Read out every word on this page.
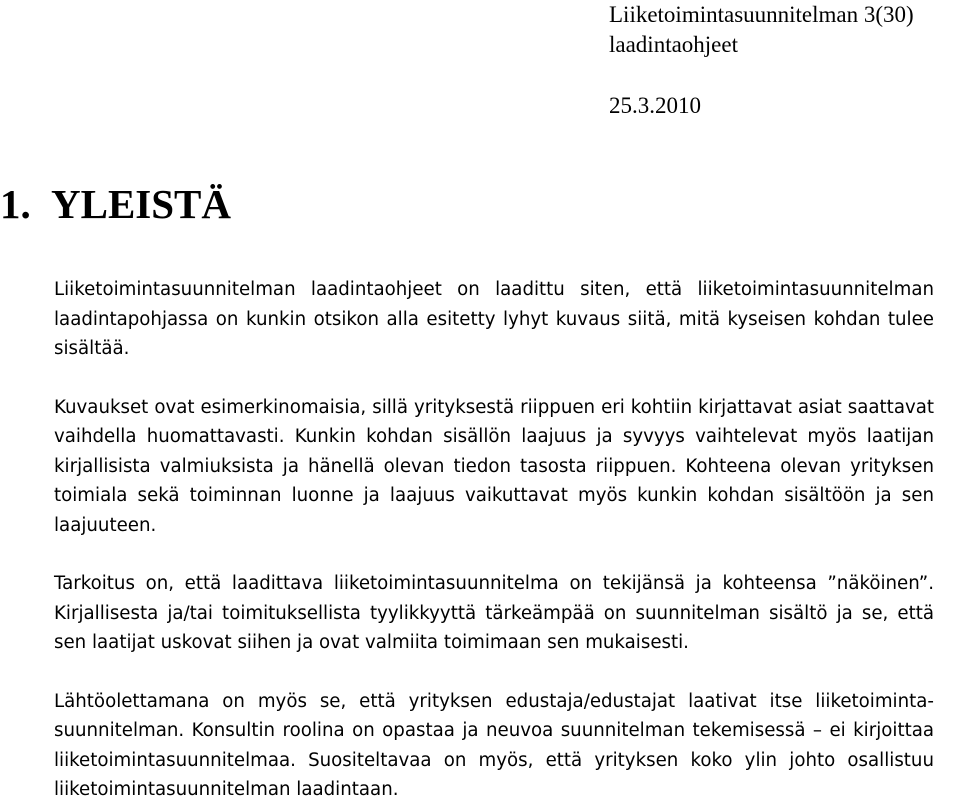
Liiketoimintasuunnitelman 3(30)
laadintaohjeet
25.3.2010
1. YLEISTÄ

Liiketoimintasuunnitelman laadintaohjeet on laadittu siten, että liiketoimintasuunnitelman laadintapohjassa on kunkin otsikon alla esitetty lyhyt kuvaus siitä, mitä kyseisen kohdan tulee sisältää.

Kuvaukset ovat esimerkinomaisia, sillä yrityksestä riippuen eri kohtiin kirjattavat asiat saattavat vaihdella huomattavasti. Kunkin kohdan sisällön laajuus ja syvyys vaihtelevat myös laatijan kirjallisista valmiuksista ja hänellä olevan tiedon tasosta riippuen. Kohteena olevan yrityksen toimiala sekä toiminnan luonne ja laajuus vaikuttavat myös kunkin kohdan sisältöön ja sen laajuuteen.

Tarkoitus on, että laadittava liiketoimintasuunnitelma on tekijänsä ja kohteensa ”näköinen”. Kirjallisesta ja/tai toimituksellista tyylikkyyttä tärkeämpää on suunnitelman sisältö ja se, että sen laatijat uskovat siihen ja ovat valmiita toimimaan sen mukaisesti.

Lähtöolettamana on myös se, että yrityksen edustaja/edustajat laativat itse liiketoimintasuunnitelman. Konsultin roolina on opastaa ja neuvoa suunnitelman tekemisessä – ei kirjoittaa liiketoimintasuunnitelmaa. Suositeltavaa on myös, että yrityksen koko ylin johto osallistuu liiketoimintasuunnitelman laadintaan.
